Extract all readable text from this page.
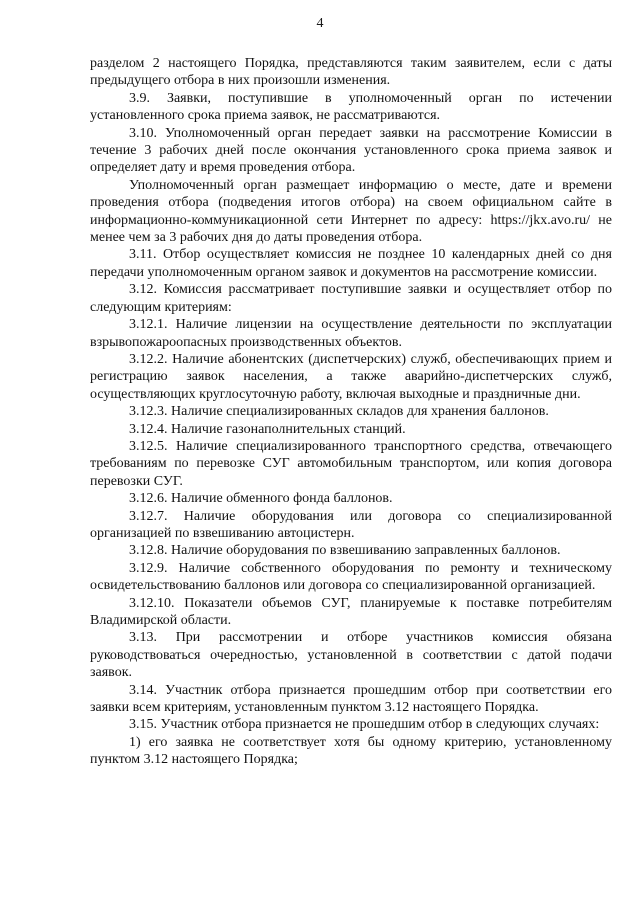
4

разделом 2 настоящего Порядка, представляются таким заявителем, если с даты предыдущего отбора в них произошли изменения.

3.9. Заявки, поступившие в уполномоченный орган по истечении установленного срока приема заявок, не рассматриваются.

3.10. Уполномоченный орган передает заявки на рассмотрение Комиссии в течение 3 рабочих дней после окончания установленного срока приема заявок и определяет дату и время проведения отбора.

Уполномоченный орган размещает информацию о месте, дате и времени проведения отбора (подведения итогов отбора) на своем официальном сайте в информационно-коммуникационной сети Интернет по адресу: https://jkx.avo.ru/ не менее чем за 3 рабочих дня до даты проведения отбора.

3.11. Отбор осуществляет комиссия не позднее 10 календарных дней со дня передачи уполномоченным органом заявок и документов на рассмотрение комиссии.

3.12. Комиссия рассматривает поступившие заявки и осуществляет отбор по следующим критериям:

3.12.1. Наличие лицензии на осуществление деятельности по эксплуатации взрывопожароопасных производственных объектов.

3.12.2. Наличие абонентских (диспетчерских) служб, обеспечивающих прием и регистрацию заявок населения, а также аварийно-диспетчерских служб, осуществляющих круглосуточную работу, включая выходные и праздничные дни.

3.12.3. Наличие специализированных складов для хранения баллонов.

3.12.4. Наличие газонаполнительных станций.

3.12.5. Наличие специализированного транспортного средства, отвечающего требованиям по перевозке СУГ автомобильным транспортом, или копия договора перевозки СУГ.

3.12.6. Наличие обменного фонда баллонов.

3.12.7. Наличие оборудования или договора со специализированной организацией по взвешиванию автоцистерн.

3.12.8. Наличие оборудования по взвешиванию заправленных баллонов.

3.12.9. Наличие собственного оборудования по ремонту и техническому освидетельствованию баллонов или договора со специализированной организацией.

3.12.10. Показатели объемов СУГ, планируемые к поставке потребителям Владимирской области.

3.13. При рассмотрении и отборе участников комиссия обязана руководствоваться очередностью, установленной в соответствии с датой подачи заявок.

3.14. Участник отбора признается прошедшим отбор при соответствии его заявки всем критериям, установленным пунктом 3.12 настоящего Порядка.

3.15. Участник отбора признается не прошедшим отбор в следующих случаях:

1) его заявка не соответствует хотя бы одному критерию, установленному пунктом 3.12 настоящего Порядка;
